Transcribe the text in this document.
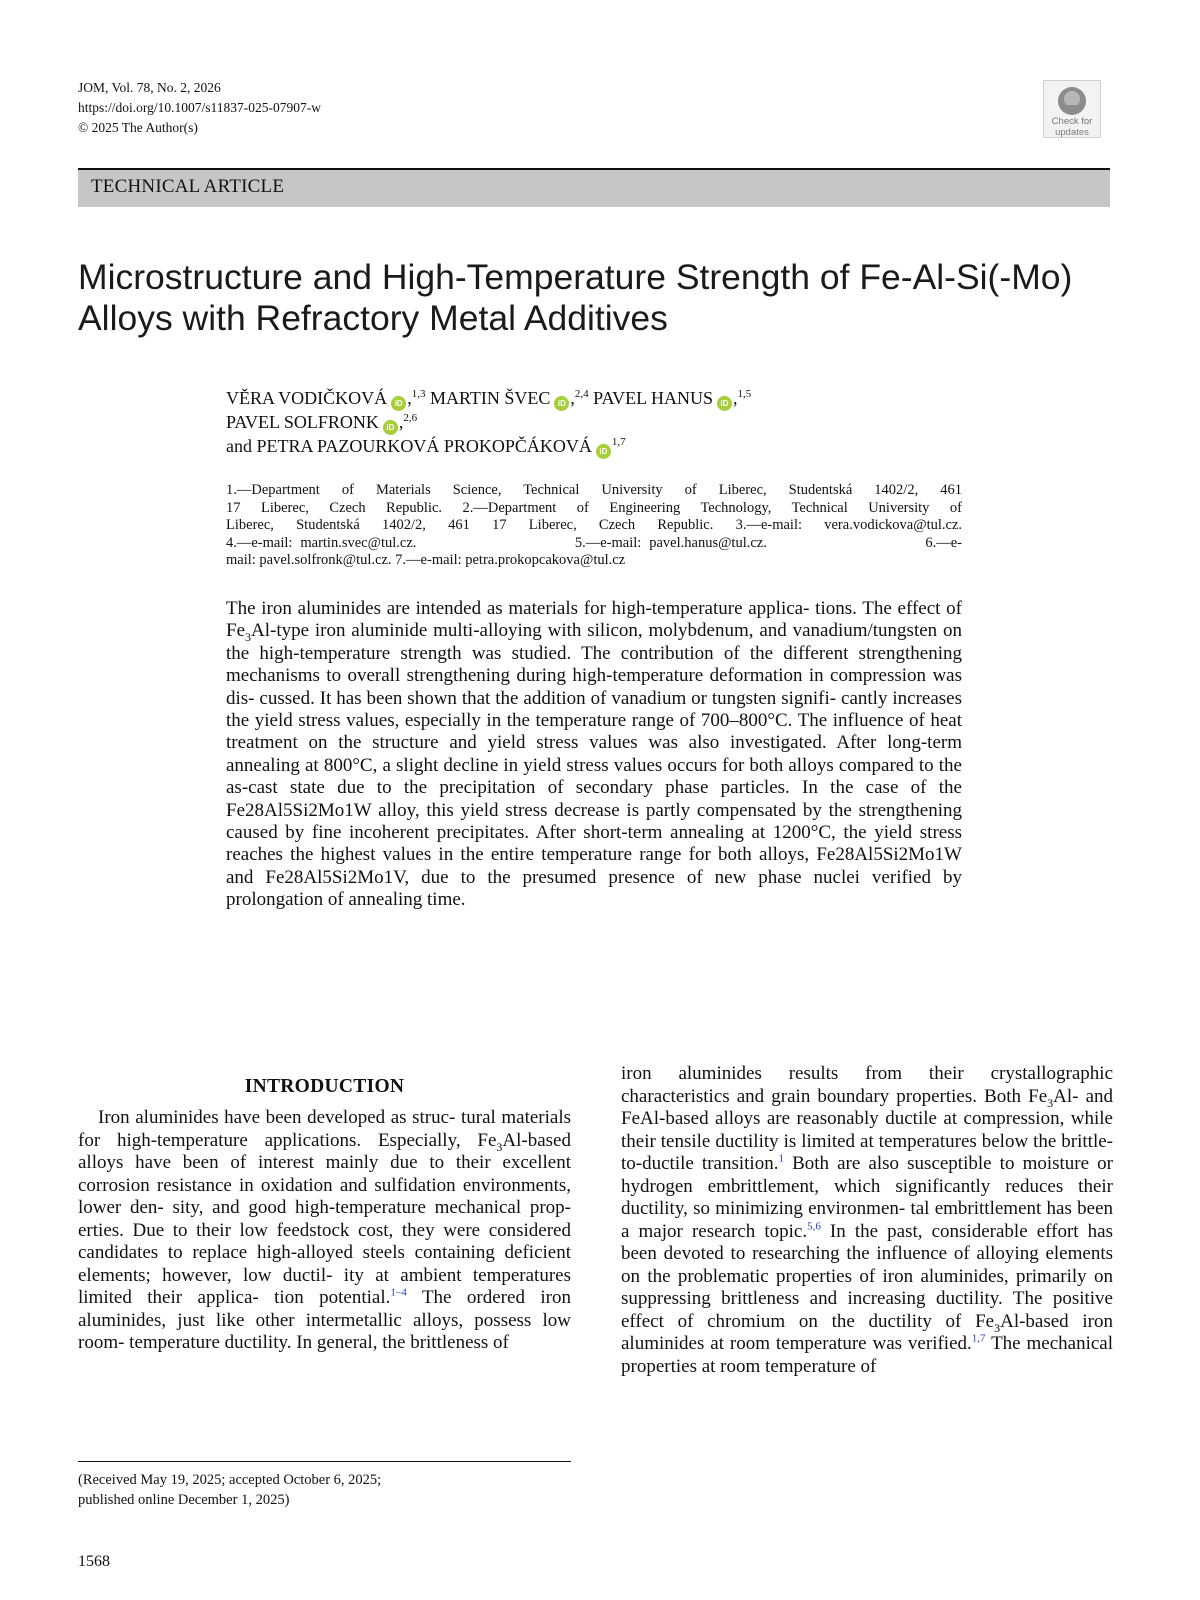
JOM, Vol. 78, No. 2, 2026
https://doi.org/10.1007/s11837-025-07907-w
© 2025 The Author(s)	Check for
updates
TECHNICAL ARTICLE
Microstructure and High-Temperature Strength of Fe-Al-Si(-Mo)
Alloys with Refractory Metal Additives
VĚRA VODIČKOVÁ iD ,$^{1,3}$ MARTIN ŠVEC iD ,$^{2,4}$ PAVEL HANUS iD ,$^{1,5}$
PAVEL SOLFRONK iD ,$^{2,6}$
and PETRA PAZOURKOVÁ PROKOPČÁKOVÁ iD$^{1,7}$
1.—Department of Materials Science, Technical University of Liberec, Studentská 1402/2, 461
17 Liberec, Czech Republic. 2.—Department of Engineering Technology, Technical University of
Liberec, Studentská 1402/2, 461 17 Liberec, Czech Republic. 3.—e-mail: vera.vodickova@tul.cz.
4.—e-mail: martin.svec@tul.cz.                    5.—e-mail: pavel.hanus@tul.cz.                    6.—e-
mail: pavel.solfronk@tul.cz. 7.—e-mail: petra.prokopcakova@tul.cz
The iron aluminides are intended as materials for high-temperature applica- tions. The effect of $Fe_3Al$-type iron aluminide multi-alloying with silicon, molybdenum, and vanadium/tungsten on the high-temperature strength was studied. The contribution of the different strengthening mechanisms to overall strengthening during high-temperature deformation in compression was dis- cussed. It has been shown that the addition of vanadium or tungsten signifi- cantly increases the yield stress values, especially in the temperature range of 700–800°C. The influence of heat treatment on the structure and yield stress values was also investigated. After long-term annealing at 800°C, a slight decline in yield stress values occurs for both alloys compared to the as-cast state due to the precipitation of secondary phase particles. In the case of the Fe28Al5Si2Mo1W alloy, this yield stress decrease is partly compensated by the strengthening caused by fine incoherent precipitates. After short-term annealing at 1200°C, the yield stress reaches the highest values in the entire temperature range for both alloys, Fe28Al5Si2Mo1W and Fe28Al5Si2Mo1V, due to the presumed presence of new phase nuclei verified by prolongation of annealing time.
INTRODUCTION
Iron aluminides have been developed as struc- tural materials for high-temperature applications. Especially, $Fe_3Al$-based alloys have been of interest mainly due to their excellent corrosion resistance in oxidation and sulfidation environments, lower den- sity, and good high-temperature mechanical prop- erties. Due to their low feedstock cost, they were considered candidates to replace high-alloyed steels containing deficient elements; however, low ductil- ity at ambient temperatures limited their applica- tion potential.$^{1-4}$ The ordered iron aluminides, just like other intermetallic alloys, possess low room- temperature ductility. In general, the brittleness of
iron aluminides results from their crystallographic characteristics and grain boundary properties. Both $Fe_3Al-$ and FeAl-based alloys are reasonably ductile at compression, while their tensile ductility is limited at temperatures below the brittle-to-ductile transition.$^1$ Both are also susceptible to moisture or hydrogen embrittlement, which significantly reduces their ductility, so minimizing environmen- tal embrittlement has been a major research topic.$^{5,6}$ In the past, considerable effort has been devoted to researching the influence of alloying elements on the problematic properties of iron aluminides, primarily on suppressing brittleness and increasing ductility. The positive effect of chromium on the ductility of $Fe_3Al$-based iron aluminides at room temperature was verified.$^{1,7}$ The mechanical properties at room temperature of
(Received May 19, 2025; accepted October 6, 2025;
published online December 1, 2025)
1568
